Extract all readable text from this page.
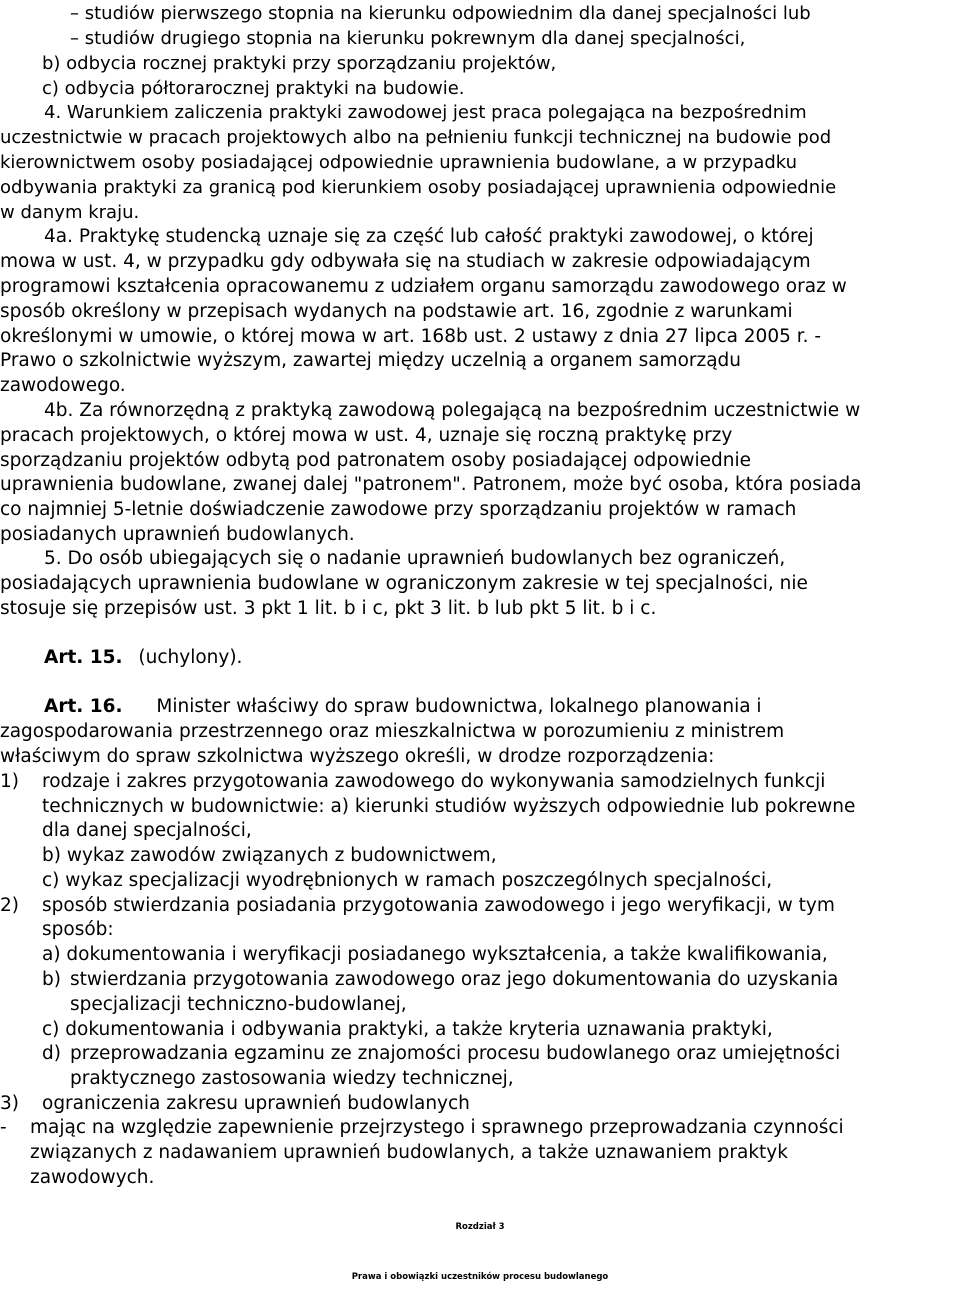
– studiów pierwszego stopnia na kierunku odpowiednim dla danej specjalności lub
– studiów drugiego stopnia na kierunku pokrewnym dla danej specjalności,
b) odbycia rocznej praktyki przy sporządzaniu projektów,
c) odbycia półtorarocznej praktyki na budowie.
4. Warunkiem zaliczenia praktyki zawodowej jest praca polegająca na bezpośrednim
uczestnictwie w pracach projektowych albo na pełnieniu funkcji technicznej na budowie pod
kierownictwem osoby posiadającej odpowiednie uprawnienia budowlane, a w przypadku
odbywania praktyki za granicą pod kierunkiem osoby posiadającej uprawnienia odpowiednie
w danym kraju.
4a. Praktykę studencką uznaje się za część lub całość praktyki zawodowej, o której
mowa w ust. 4, w przypadku gdy odbywała się na studiach w zakresie odpowiadającym
programowi kształcenia opracowanemu z udziałem organu samorządu zawodowego oraz w
sposób określony w przepisach wydanych na podstawie art. 16, zgodnie z warunkami
określonymi w umowie, o której mowa w art. 168b ust. 2 ustawy z dnia 27 lipca 2005 r. -
Prawo o szkolnictwie wyższym, zawartej między uczelnią a organem samorządu
zawodowego.
4b. Za równorzędną z praktyką zawodową polegającą na bezpośrednim uczestnictwie w
pracach projektowych, o której mowa w ust. 4, uznaje się roczną praktykę przy
sporządzaniu projektów odbytą pod patronatem osoby posiadającej odpowiednie
uprawnienia budowlane, zwanej dalej "patronem". Patronem, może być osoba, która posiada
co najmniej 5-letnie doświadczenie zawodowe przy sporządzaniu projektów w ramach
posiadanych uprawnień budowlanych.
5. Do osób ubiegających się o nadanie uprawnień budowlanych bez ograniczeń,
posiadających uprawnienia budowlane w ograniczonym zakresie w tej specjalności, nie
stosuje się przepisów ust. 3 pkt 1 lit. b i c, pkt 3 lit. b lub pkt 5 lit. b i c.
Art. 15. (uchylony).
Art. 16. Minister właściwy do spraw budownictwa, lokalnego planowania i
zagospodarowania przestrzennego oraz mieszkalnictwa w porozumieniu z ministrem
właściwym do spraw szkolnictwa wyższego określi, w drodze rozporządzenia:
1) rodzaje i zakres przygotowania zawodowego do wykonywania samodzielnych funkcji
technicznych w budownictwie: a) kierunki studiów wyższych odpowiednie lub pokrewne
dla danej specjalności,
b) wykaz zawodów związanych z budownictwem,
c) wykaz specjalizacji wyodrębnionych w ramach poszczególnych specjalności,
2) sposób stwierdzania posiadania przygotowania zawodowego i jego weryfikacji, w tym
sposób:
a) dokumentowania i weryfikacji posiadanego wykształcenia, a także kwalifikowania,
b) stwierdzania przygotowania zawodowego oraz jego dokumentowania do uzyskania
specjalizacji techniczno-budowlanej,
c) dokumentowania i odbywania praktyki, a także kryteria uznawania praktyki,
d) przeprowadzania egzaminu ze znajomości procesu budowlanego oraz umiejętności
praktycznego zastosowania wiedzy technicznej,
3) ograniczenia zakresu uprawnień budowlanych
- mając na względzie zapewnienie przejrzystego i sprawnego przeprowadzania czynności
związanych z nadawaniem uprawnień budowlanych, a także uznawaniem praktyk
zawodowych.
Rozdział 3
Prawa i obowiązki uczestników procesu budowlanego
